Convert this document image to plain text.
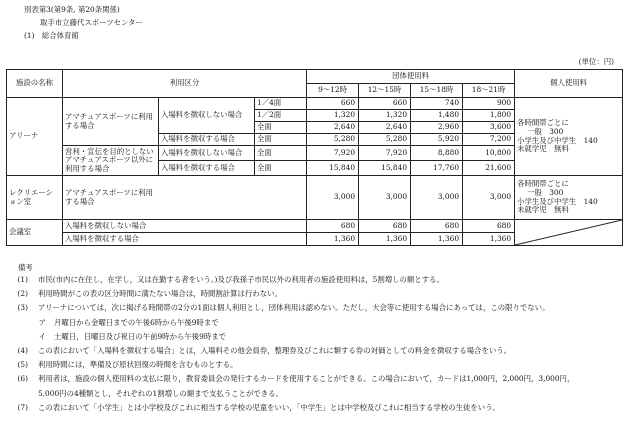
別表第3(第9条, 第20条関係)
取手市立藤代スポーツセンター
(1)　総合体育館
(単位：円)
施設の名称	利用区分			団体使用料				個人使用料
				9〜12時	12〜15時	15〜18時	18〜21時	
アリーナ	アマチュアスポーツに利用する場合	入場料を徴収しない場合	1／4面	660	660	740	900	各時間帯ごとに
一般　300
小学生及び中学生　140
未就学児　無料

			1／2面	1,320	1,320	1,480	1,800	
			全面	2,640	2,640	2,960	3,600	
		入場料を徴収する場合	全面	5,280	5,280	5,920	7,200	
	営利・宣伝を目的としないアマチュアスポーツ以外に利用する場合	入場料を徴収しない場合	全面	7,920	7,920	8,880	10,800	
		入場料を徴収する場合	全面	15,840	15,840	17,760	21,600	
レクリエーション室	アマチュアスポーツに利用する場合			3,000	3,000	3,000	3,000	各時間帯ごとに
一般　300
小学生及び中学生　140
未就学児　無料

会議室	入場料を徴収しない場合			680	680	680	680	

	入場料を徴収する場合			1,360	1,360	1,360	1,360	
備考
(1) 市民(市内に在住し，在学し，又は在勤する者をいう。)及び我孫子市民以外の利用者の施設使用料は，5割増しの額とする。
(2) 利用時間がこの表の区分時間に満たない場合は，時間割計算は行わない。
(3) アリーナについては，次に掲げる時間帯の2分の1面は個人利用とし，団体利用は認めない。ただし，大会等に使用する場合にあっては，この限りでない。
ア 月曜日から金曜日までの午後6時から午後9時まで
イ 土曜日，日曜日及び祝日の午前9時から午後9時まで
(4) この表において「入場料を徴収する場合」とは，入場料その他会員券，整理券及びこれに類する券の対価としての料金を徴収する場合をいう。
(5) 利用時間には，準備及び原状回復の時間を含むものとする。
(6) 利用者は，施設の個人使用料の支払に限り，教育委員会の発行するカードを使用することができる。この場合において，カードは1,000円，2,000円，3,000円，
5,000円の4種類とし，それぞれの1割増しの額まで支払うことができる。
(7) この表において「小学生」とは小学校及びこれに相当する学校の児童をいい，「中学生」とは中学校及びこれに相当する学校の生徒をいう。
